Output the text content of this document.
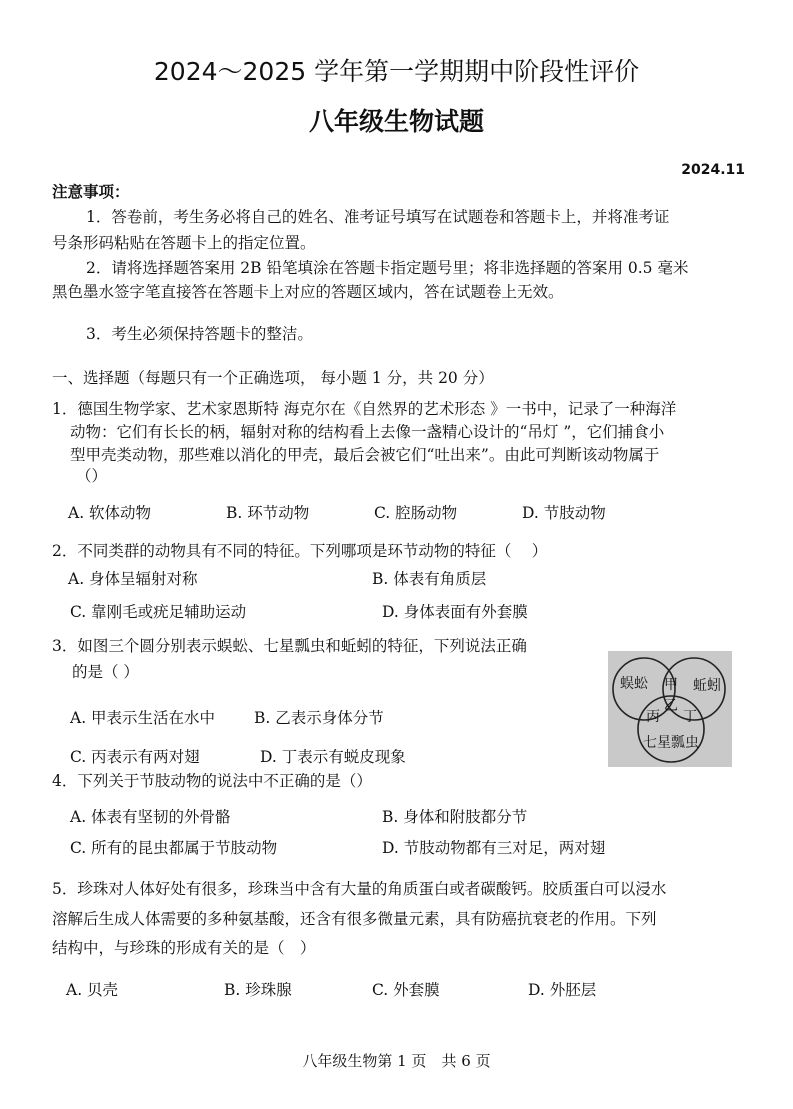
2024～2025 学年第一学期期中阶段性评价
八年级生物试题
2024.11
注意事项：
1．答卷前，考生务必将自己的姓名、准考证号填写在试题卷和答题卡上，并将准考证
号条形码粘贴在答题卡上的指定位置。
2．请将选择题答案用 2B 铅笔填涂在答题卡指定题号里；将非选择题的答案用 0.5 毫米
黑色墨水签字笔直接答在答题卡上对应的答题区域内，答在试题卷上无效。
3．考生必须保持答题卡的整洁。
一、选择题（每题只有一个正确选项， 每小题 1 分，共 20 分）
1．德国生物学家、艺术家恩斯特 海克尔在《自然界的艺术形态 》一书中，记录了一种海洋
动物：它们有长长的柄，辐射对称的结构看上去像一盏精心设计的“吊灯 ”，它们捕食小
型甲壳类动物，那些难以消化的甲壳，最后会被它们“吐出来”。由此可判断该动物属于
（）
A. 软体动物	B. 环节动物	C. 腔肠动物	D. 节肢动物
2．不同类群的动物具有不同的特征。下列哪项是环节动物的特征（　 ）
A. 身体呈辐射对称	B. 体表有角质层
C. 靠刚毛或疣足辅助运动	D. 身体表面有外套膜
3．如图三个圆分别表示蜈蚣、七星瓢虫和蚯蚓的特征，下列说法正确
的是（ ）
A. 甲表示生活在水中	B. 乙表示身体分节
C. 丙表示有两对翅	D. 丁表示有蜕皮现象
蜈蚣	蚯蚓
甲
乙
丙 丁
七星瓢虫
4．下列关于节肢动物的说法中不正确的是（）
A. 体表有坚韧的外骨骼	B. 身体和附肢都分节
C. 所有的昆虫都属于节肢动物	D. 节肢动物都有三对足，两对翅
5．珍珠对人体好处有很多，珍珠当中含有大量的角质蛋白或者碳酸钙。胶质蛋白可以浸水
溶解后生成人体需要的多种氨基酸，还含有很多微量元素，具有防癌抗衰老的作用。下列
结构中，与珍珠的形成有关的是（　）
A. 贝壳	B. 珍珠腺	C. 外套膜	D. 外胚层
八年级生物第 1 页　共 6 页
